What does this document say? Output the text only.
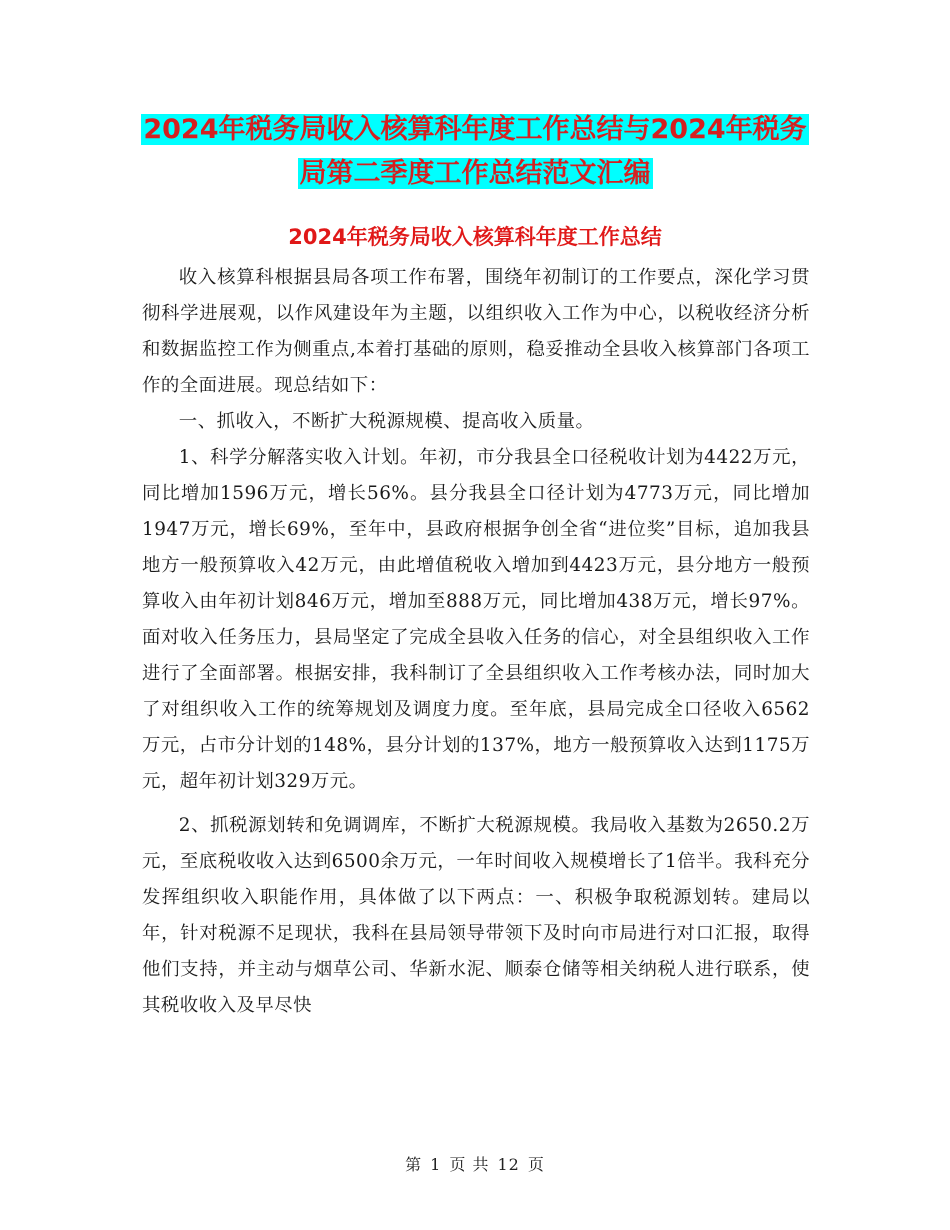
2024年税务局收入核算科年度工作总结与2024年税务
局第二季度工作总结范文汇编
2024年税务局收入核算科年度工作总结

收入核算科根据县局各项工作布署，围绕年初制订的工作要点，深化学习贯彻科学进展观，以作风建设年为主题，以组织收入工作为中心，以税收经济分析和数据监控工作为侧重点,本着打基础的原则，稳妥推动全县收入核算部门各项工作的全面进展。现总结如下：

一、抓收入，不断扩大税源规模、提高收入质量。

1、科学分解落实收入计划。年初，市分我县全口径税收计划为4422万元，同比增加1596万元，增长56%。县分我县全口径计划为4773万元，同比增加1947万元，增长69%，至年中，县政府根据争创全省“进位奖”目标，追加我县地方一般预算收入42万元，由此增值税收入增加到4423万元，县分地方一般预算收入由年初计划846万元，增加至888万元，同比增加438万元，增长97%。面对收入任务压力，县局坚定了完成全县收入任务的信心，对全县组织收入工作进行了全面部署。根据安排，我科制订了全县组织收入工作考核办法，同时加大了对组织收入工作的统筹规划及调度力度。至年底，县局完成全口径收入6562万元，占市分计划的148%，县分计划的137%，地方一般预算收入达到1175万元，超年初计划329万元。

2、抓税源划转和免调调库，不断扩大税源规模。我局收入基数为2650.2万元，至底税收收入达到6500余万元，一年时间收入规模增长了1倍半。我科充分发挥组织收入职能作用，具体做了以下两点：一、积极争取税源划转。建局以年，针对税源不足现状，我科在县局领导带领下及时向市局进行对口汇报，取得他们支持，并主动与烟草公司、华新水泥、顺泰仓储等相关纳税人进行联系，使其税收收入及早尽快

第 1 页 共 12 页
